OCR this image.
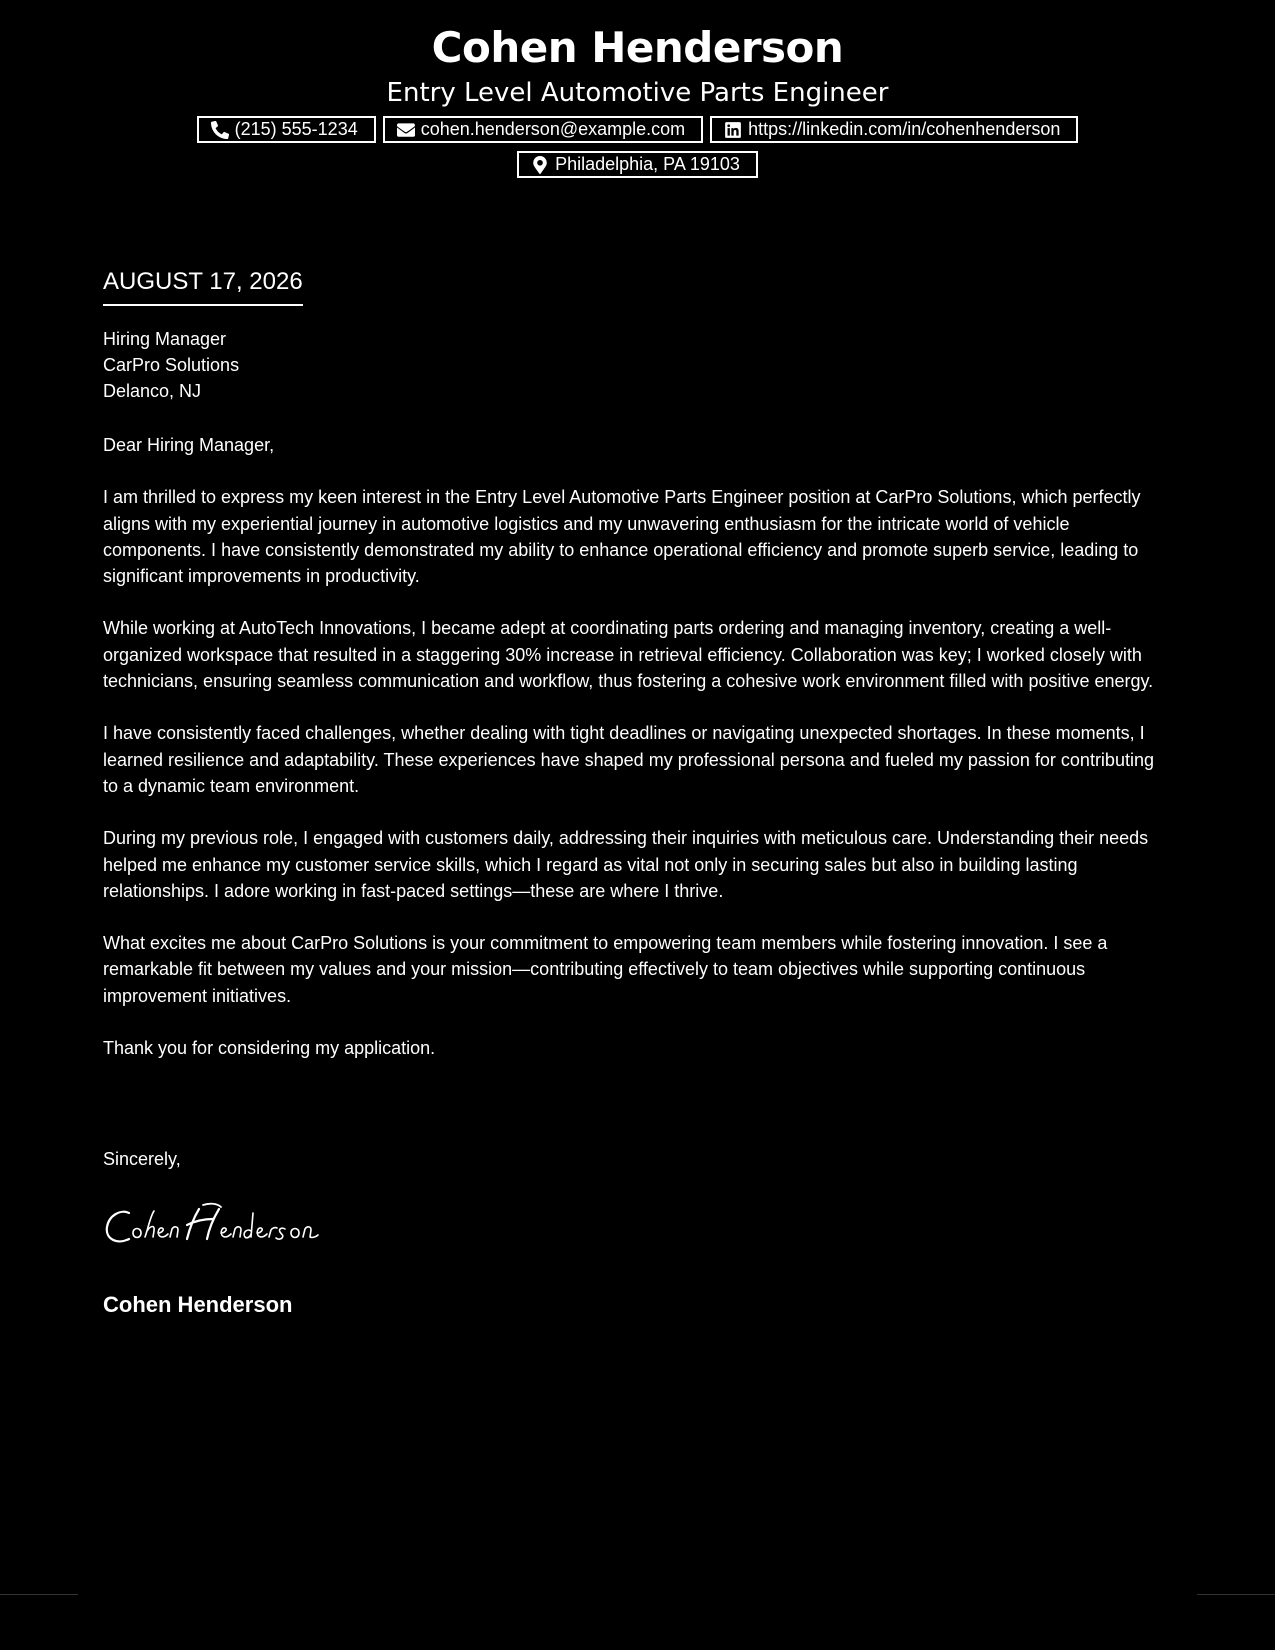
Cohen Henderson
Entry Level Automotive Parts Engineer
(215) 555-1234	cohen.henderson@example.com	https://linkedin.com/in/cohenhenderson
Philadelphia, PA 19103
AUGUST 17, 2026
Hiring Manager
CarPro Solutions
Delanco, NJ
Dear Hiring Manager,

I am thrilled to express my keen interest in the Entry Level Automotive Parts Engineer position at CarPro Solutions, which perfectly aligns with my experiential journey in automotive logistics and my unwavering enthusiasm for the intricate world of vehicle components. I have consistently demonstrated my ability to enhance operational efficiency and promote superb service, leading to significant improvements in productivity.

While working at AutoTech Innovations, I became adept at coordinating parts ordering and managing inventory, creating a well-organized workspace that resulted in a staggering 30% increase in retrieval efficiency. Collaboration was key; I worked closely with technicians, ensuring seamless communication and workflow, thus fostering a cohesive work environment filled with positive energy.

I have consistently faced challenges, whether dealing with tight deadlines or navigating unexpected shortages. In these moments, I learned resilience and adaptability. These experiences have shaped my professional persona and fueled my passion for contributing to a dynamic team environment.

During my previous role, I engaged with customers daily, addressing their inquiries with meticulous care. Understanding their needs helped me enhance my customer service skills, which I regard as vital not only in securing sales but also in building lasting relationships. I adore working in fast-paced settings—these are where I thrive.

What excites me about CarPro Solutions is your commitment to empowering team members while fostering innovation. I see a remarkable fit between my values and your mission—contributing effectively to team objectives while supporting continuous improvement initiatives.

Thank you for considering my application.

Sincerely,
Cohen Henderson
